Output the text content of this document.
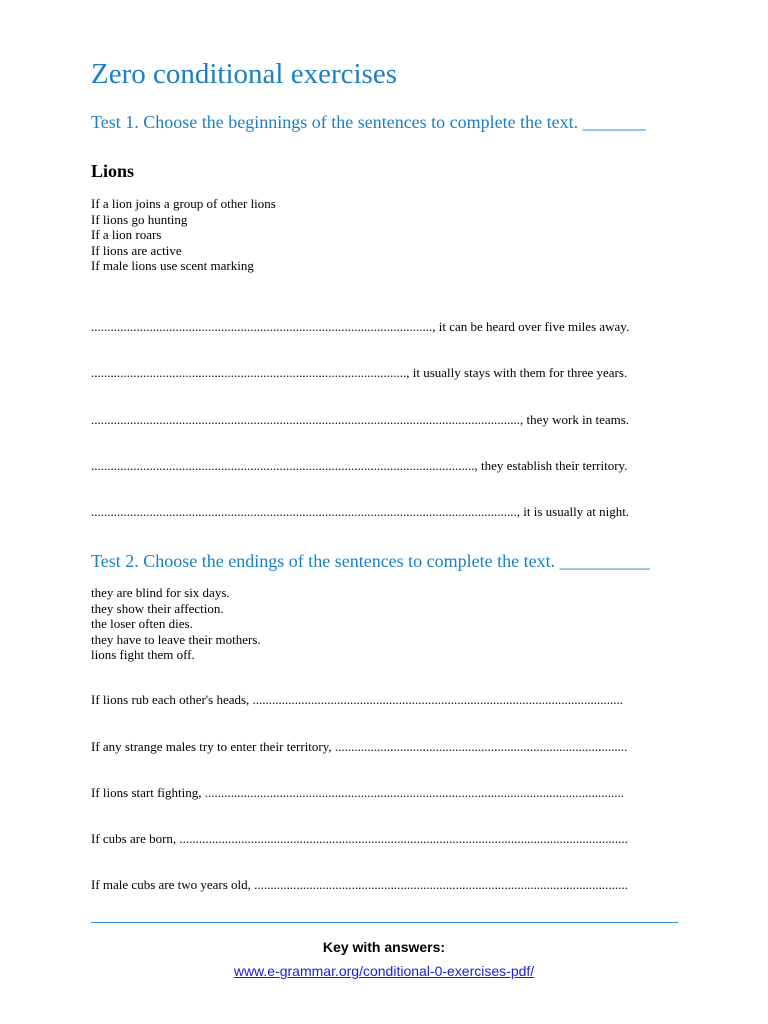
Zero conditional exercises
Test 1. Choose the beginnings of the sentences to complete the text. _______
Lions
If a lion joins a group of other lions
If lions go hunting
If a lion roars
If lions are active
If male lions use scent marking
........................................................................................................., it can be heard over five miles away.
................................................................................................., it usually stays with them for three years.
...................................................................................................................................., they work in teams.
......................................................................................................................, they establish their territory.
..................................................................................................................................., it is usually at night.
Test 2. Choose the endings of the sentences to complete the text. __________
they are blind for six days.
they show their affection.
the loser often dies.
they have to leave their mothers.
lions fight them off.
If lions rub each other's heads, ..................................................................................................................
If any strange males try to enter their territory, ..........................................................................................
If lions start fighting, .................................................................................................................................
If cubs are born, ..........................................................................................................................................
If male cubs are two years old, ...................................................................................................................
Key with answers:
www.e-grammar.org/conditional-0-exercises-pdf/
